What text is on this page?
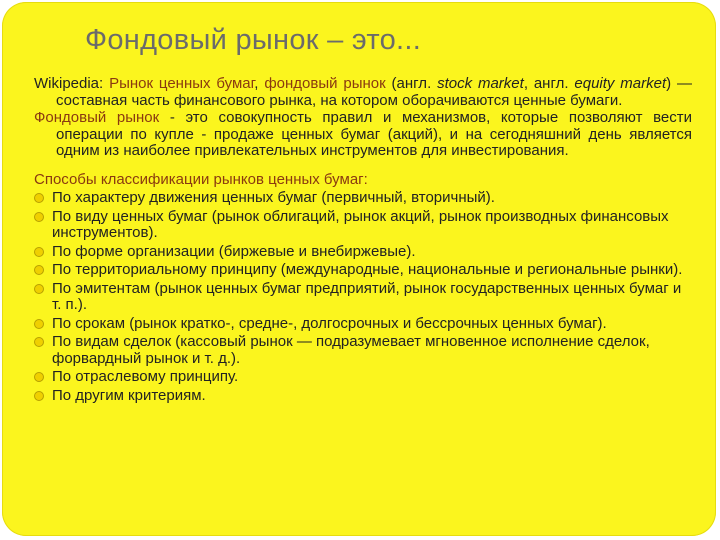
Фондовый рынок – это...
Wikipedia: Рынок ценных бумаг, фондовый рынок (англ. stock market, англ. equity market) — составная часть финансового рынка, на котором оборачиваются ценные бумаги.
Фондовый рынок - это совокупность правил и механизмов, которые позволяют вести операции по купле - продаже ценных бумаг (акций), и на сегодняшний день является одним из наиболее привлекательных инструментов для инвестирования.
Способы классификации рынков ценных бумаг:
По характеру движения ценных бумаг (первичный, вторичный).
По виду ценных бумаг (рынок облигаций, рынок акций, рынок производных финансовых инструментов).
По форме организации (биржевые и внебиржевые).
По территориальному принципу (международные, национальные и региональные рынки).
По эмитентам (рынок ценных бумаг предприятий, рынок государственных ценных бумаг и т. п.).
По срокам (рынок кратко-, средне-, долгосрочных и бессрочных ценных бумаг).
По видам сделок (кассовый рынок — подразумевает мгновенное исполнение сделок, форвардный рынок и т. д.).
По отраслевому принципу.
По другим критериям.
